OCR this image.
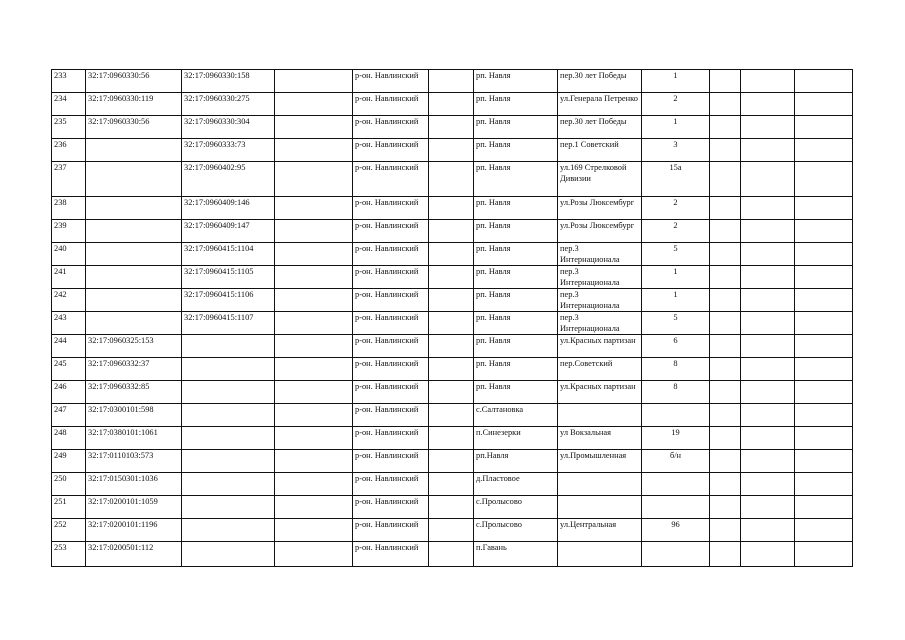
233	32:17:0960330:56	32:17:0960330:158		р-он. Навлинский		рп. Навля	пер.30 лет Победы	1			
234	32:17:0960330:119	32:17:0960330:275		р-он. Навлинский		рп. Навля	ул.Генерала Петренко	2			
235	32:17:0960330:56	32:17:0960330:304		р-он. Навлинский		рп. Навля	пер.30 лет Победы	1			
236		32:17:0960333:73		р-он. Навлинский		рп. Навля	пер.1 Советский	3			
237		32:17:0960402:95		р-он. Навлинский		рп. Навля	ул.169 Стрелковой Дивизии	15а			
238		32:17:0960409:146		р-он. Навлинский		рп. Навля	ул.Розы Люксембург	2			
239		32:17:0960409:147		р-он. Навлинский		рп. Навля	ул.Розы Люксембург	2			
240		32:17:0960415:1104		р-он. Навлинский		рп. Навля	пер.3 Интернационала	5			
241		32:17:0960415:1105		р-он. Навлинский		рп. Навля	пер.3 Интернационала	1			
242		32:17:0960415:1106		р-он. Навлинский		рп. Навля	пер.3 Интернационала	1			
243		32:17:0960415:1107		р-он. Навлинский		рп. Навля	пер.3 Интернационала	5			
244	32:17:0960325:153			р-он. Навлинский		рп. Навля	ул.Красных партизан	6			
245	32:17:0960332:37			р-он. Навлинский		рп. Навля	пер.Советский	8			
246	32:17:0960332:85			р-он. Навлинский		рп. Навля	ул.Красных партизан	8			
247	32:17:0300101:598			р-он. Навлинский		с.Салтановка					
248	32:17:0380101:1061			р-он. Навлинский		п.Синезерки	ул Вокзальная	19			
249	32:17:0110103:573			р-он. Навлинский		рп.Навля	ул.Промышленная	б/н			
250	32:17:0150301:1036			р-он. Навлинский		д.Пластовое					
251	32:17:0200101:1059			р-он. Навлинский		с.Пролысово					
252	32:17:0200101:1196			р-он. Навлинский		с.Пролысово	ул.Центральная	96			
253	32:17:0200501:112			р-он. Навлинский		п.Гавань					
